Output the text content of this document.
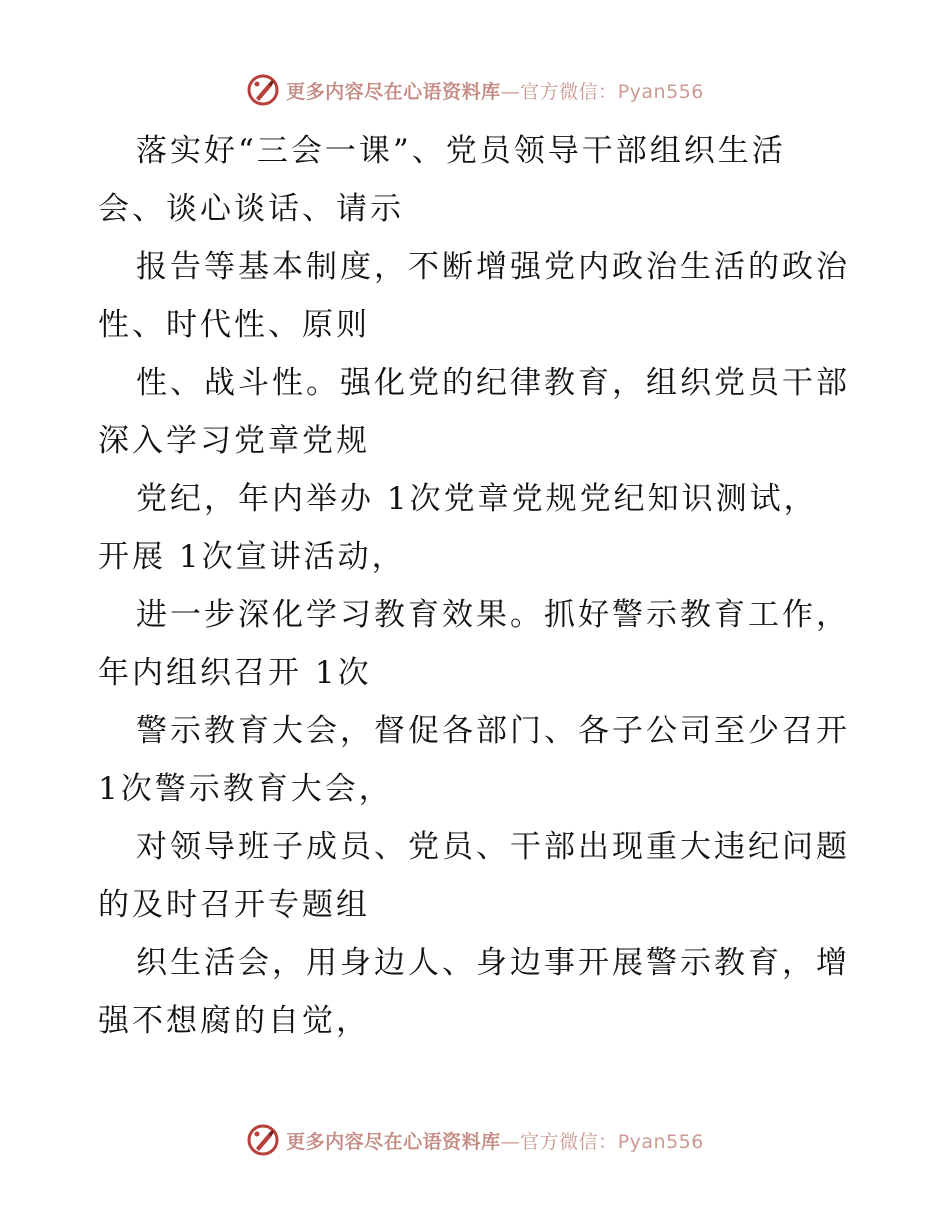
更多内容尽在心语资料库—官方微信：Pyan556

落实好“三会一课”、党员领导干部组织生活

会、谈心谈话、请示

报告等基本制度，不断增强党内政治生活的政治

性、时代性、原则

性、战斗性。强化党的纪律教育，组织党员干部

深入学习党章党规

党纪，年内举办 1次党章党规党纪知识测试，

开展 1次宣讲活动，

进一步深化学习教育效果。抓好警示教育工作，

年内组织召开 1次

警示教育大会，督促各部门、各子公司至少召开

1次警示教育大会，

对领导班子成员、党员、干部出现重大违纪问题

的及时召开专题组

织生活会，用身边人、身边事开展警示教育，增

强不想腐的自觉，

更多内容尽在心语资料库—官方微信：Pyan556
